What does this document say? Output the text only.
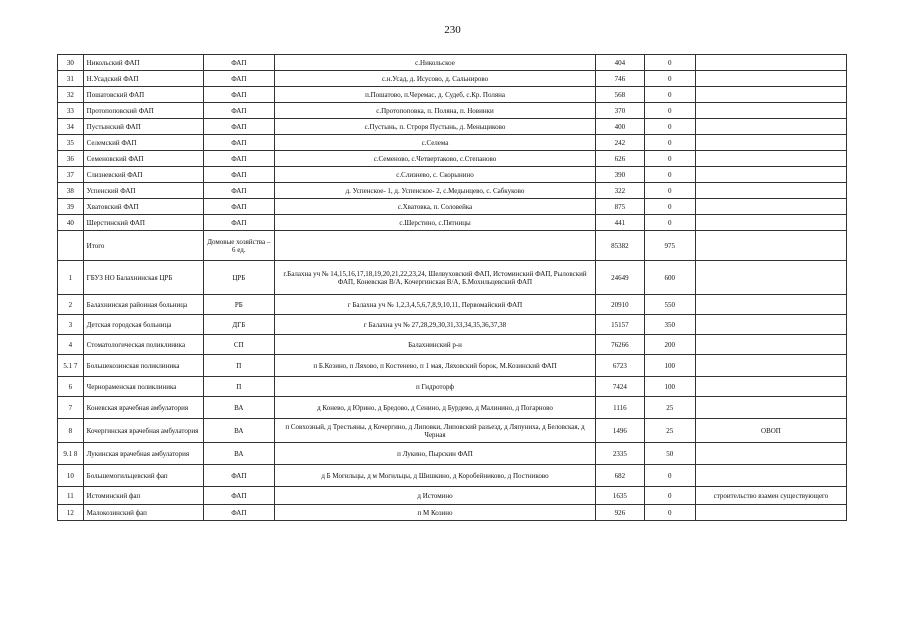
230
30	Никольский ФАП	ФАП	с.Никольское	404	0	
31	Н.Усадский ФАП	ФАП	с.н.Усад, д. Исусово, д. Сальнирово	746	0	
32	Пошатовский ФАП	ФАП	п.Пошатово, п.Черемас, д. Судеб, с.Кр. Поляна	568	0	
33	Протопоповский ФАП	ФАП	с.Протопоповка, п. Поляна, п. Новинки	370	0	
34	Пустынский ФАП	ФАП	с.Пустынь, п. Строря Пустынь, д. Меньщиково	400	0	
35	Селемский ФАП	ФАП	с.Селема	242	0	
36	Семеновский ФАП	ФАП	с.Семеново, с.Четвертаково, с.Степаново	626	0	
37	Слизневский ФАП	ФАП	с.Слизнево, с. Скорынино	390	0	
38	Успенский ФАП	ФАП	д. Успенское- 1, д. Успенское- 2, с.Медынцево, с. Сабкуково	322	0	
39	Хватовский ФАП	ФАП	с.Хватовка, п. Соловейка	875	0	
40	Шерстинский ФАП	ФАП	с.Шерстино, с.Пятницы	441	0	
	Итого	Домовые хозяйства – 6 ед.		85382	975	
1	ГБУЗ НО Балахнинская ЦРБ	ЦРБ	г.Балахна уч № 14,15,16,17,18,19,20,21,22,23,24, Шелвуховский ФАП, Истоминский ФАП, Рыловский ФАП, Коневская В/А, Кочергинская В/А, Б.Мохильцевский ФАП	24649	600	
2	Балахнинская районная больница	РБ	г Балахна уч № 1,2,3,4,5,6,7,8,9,10,11, Первомайский ФАП	20910	550	
3	Детская городская больница	ДГБ	г Балахна уч № 27,28,29,30,31,33,34,35,36,37,38	15157	350	
4	Стоматологическая поликлиника	СП	Балахнинский р-н	76266	200	
5.1 7	Большекозинская поликлиника	П	п Б.Козино, п Ляхово, п Костенево, п 1 мая, Ляховский борок, М.Козинский ФАП	6723	100	
6	Чернораменская поликлиника	П	п Гидроторф	7424	100	
7	Коневская врачебная амбулатория	ВА	д Конево, д Юрино, д Бредово, д Сенино, д Бурдево, д Малинино, д Погарново	1116	25	
8	Кочергинская врачебная амбулатория	ВА	п Совхозный, д Трестьяны, д Кочергино, д Липовки, Липовский разъезд, д Ляпуниха, д Беловская, д Черная	1496	25	ОВОП
9.1 8	Лукинская врачебная амбулатория	ВА	п Лукино, Пырскин ФАП	2335	50	
10	Большемогильцевский фап	ФАП	д Б Могильцы, д м Могильцы, д Шишкино, д Коробейниково, д Постниково	682	0	
11	Истоминский фап	ФАП	д Истомино	1635	0	строительство взамен существующего
12	Малокозинский фап	ФАП	п М Козино	926	0	
